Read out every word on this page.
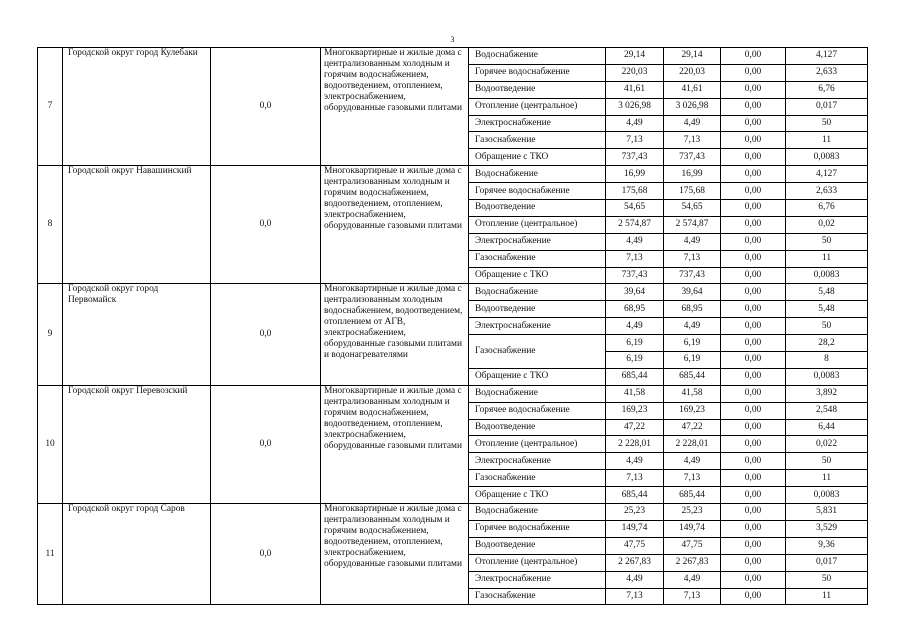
3
7	Городской округ город Кулебаки	0,0	Многоквартирные и жилые дома с централизованным холодным и горячим водоснабжением, водоотведением, отоплением, электроснабжением, оборудованные газовыми плитами	Водоснабжение	29,14	29,14	0,00	4,127
				Горячее водоснабжение	220,03	220,03	0,00	2,633
				Водоотведение	41,61	41,61	0,00	6,76
				Отопление (центральное)	3 026,98	3 026,98	0,00	0,017
				Электроснабжение	4,49	4,49	0,00	50
				Газоснабжение	7,13	7,13	0,00	11
				Обращение с ТКО	737,43	737,43	0,00	0,0083
8	Городской округ Навашинский	0,0	Многоквартирные и жилые дома с централизованным холодным и горячим водоснабжением, водоотведением, отоплением, электроснабжением, оборудованные газовыми плитами	Водоснабжение	16,99	16,99	0,00	4,127
				Горячее водоснабжение	175,68	175,68	0,00	2,633
				Водоотведение	54,65	54,65	0,00	6,76
				Отопление (центральное)	2 574,87	2 574,87	0,00	0,02
				Электроснабжение	4,49	4,49	0,00	50
				Газоснабжение	7,13	7,13	0,00	11
				Обращение с ТКО	737,43	737,43	0,00	0,0083
9	Городской округ город Первомайск	0,0	Многоквартирные и жилые дома с централизованным холодным водоснабжением, водоотведением, отоплением от АГВ, электроснабжением, оборудованные газовыми плитами и водонагревателями	Водоснабжение	39,64	39,64	0,00	5,48
				Водоотведение	68,95	68,95	0,00	5,48
				Электроснабжение	4,49	4,49	0,00	50
				Газоснабжение	6,19	6,19	0,00	28,2
					6,19	6,19	0,00	8
				Обращение с ТКО	685,44	685,44	0,00	0,0083
10	Городской округ Перевозский	0,0	Многоквартирные и жилые дома с централизованным холодным и горячим водоснабжением, водоотведением, отоплением, электроснабжением, оборудованные газовыми плитами	Водоснабжение	41,58	41,58	0,00	3,892
				Горячее водоснабжение	169,23	169,23	0,00	2,548
				Водоотведение	47,22	47,22	0,00	6,44
				Отопление (центральное)	2 228,01	2 228,01	0,00	0,022
				Электроснабжение	4,49	4,49	0,00	50
				Газоснабжение	7,13	7,13	0,00	11
				Обращение с ТКО	685,44	685,44	0,00	0,0083
11	Городской округ город Саров	0,0	Многоквартирные и жилые дома с централизованным холодным и горячим водоснабжением, водоотведением, отоплением, электроснабжением, оборудованные газовыми плитами	Водоснабжение	25,23	25,23	0,00	5,831
				Горячее водоснабжение	149,74	149,74	0,00	3,529
				Водоотведение	47,75	47,75	0,00	9,36
				Отопление (центральное)	2 267,83	2 267,83	0,00	0,017
				Электроснабжение	4,49	4,49	0,00	50
				Газоснабжение	7,13	7,13	0,00	11
